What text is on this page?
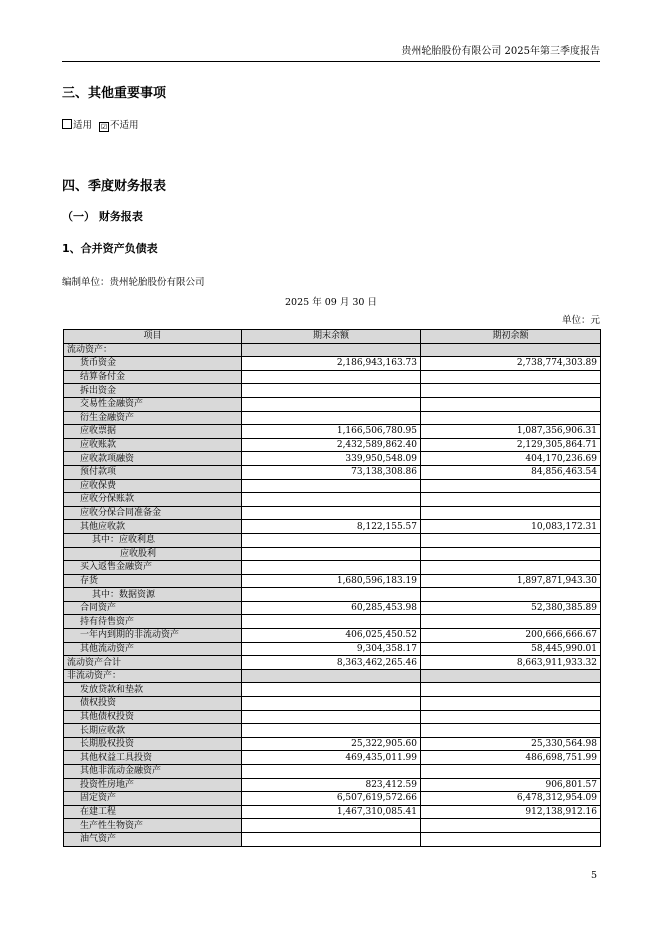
贵州轮胎股份有限公司 2025年第三季度报告
三、其他重要事项
适用 ☑ 不适用
四、季度财务报表
（一） 财务报表
1、合并资产负债表
编制单位：贵州轮胎股份有限公司
2025 年 09 月 30 日
单位：元
项目	期末余额	期初余额
流动资产：		
货币资金	2,186,943,163.73	2,738,774,303.89
结算备付金		
拆出资金		
交易性金融资产		
衍生金融资产		
应收票据	1,166,506,780.95	1,087,356,906.31
应收账款	2,432,589,862.40	2,129,305,864.71
应收款项融资	339,950,548.09	404,170,236.69
预付款项	73,138,308.86	84,856,463.54
应收保费		
应收分保账款		
应收分保合同准备金		
其他应收款	8,122,155.57	10,083,172.31
其中：应收利息		
应收股利		
买入返售金融资产		
存货	1,680,596,183.19	1,897,871,943.30
其中：数据资源		
合同资产	60,285,453.98	52,380,385.89
持有待售资产		
一年内到期的非流动资产	406,025,450.52	200,666,666.67
其他流动资产	9,304,358.17	58,445,990.01
流动资产合计	8,363,462,265.46	8,663,911,933.32
非流动资产：		
发放贷款和垫款		
债权投资		
其他债权投资		
长期应收款		
长期股权投资	25,322,905.60	25,330,564.98
其他权益工具投资	469,435,011.99	486,698,751.99
其他非流动金融资产		
投资性房地产	823,412.59	906,801.57
固定资产	6,507,619,572.66	6,478,312,954.09
在建工程	1,467,310,085.41	912,138,912.16
生产性生物资产		
油气资产		
5
